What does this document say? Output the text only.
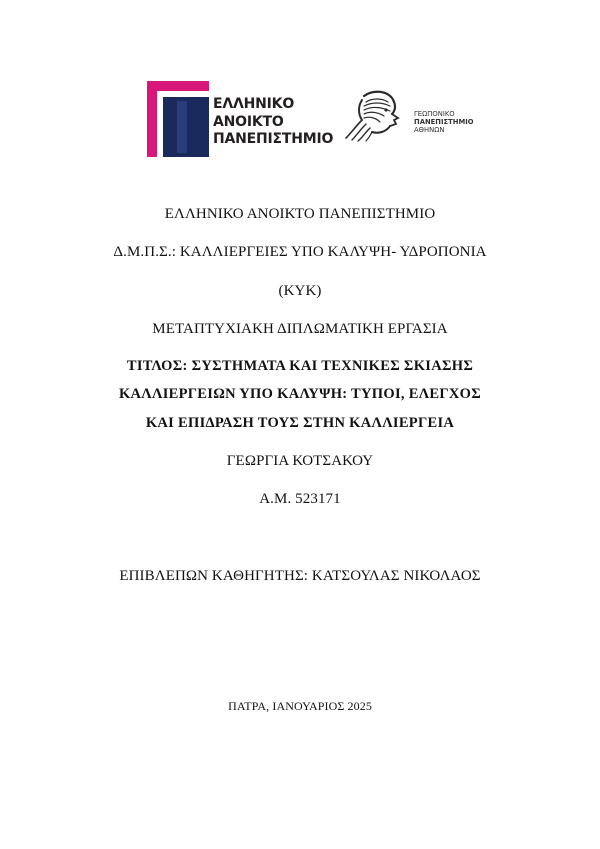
ΕΛΛΗΝΙΚΟ
ΑΝΟΙΚΤΟ
ΠΑΝΕΠΙΣΤΗΜΙΟ
ΓΕΩΠΟΝΙΚΟ
ΠΑΝΕΠΙΣΤΗΜΙΟ
ΑΘΗΝΩΝ
ΕΛΛΗΝΙΚΟ ΑΝΟΙΚΤΟ ΠΑΝΕΠΙΣΤΗΜΙΟ
Δ.Μ.Π.Σ.: ΚΑΛΛΙΕΡΓΕΙΕΣ ΥΠΟ ΚΑΛΥΨΗ- ΥΔΡΟΠΟΝΙΑ
(ΚΥΚ)
ΜΕΤΑΠΤΥΧΙΑΚΗ ΔΙΠΛΩΜΑΤΙΚΗ ΕΡΓΑΣΙΑ
ΤΙΤΛΟΣ: ΣΥΣΤΗΜΑΤΑ ΚΑΙ ΤΕΧΝΙΚΕΣ ΣΚΙΑΣΗΣ
ΚΑΛΛΙΕΡΓΕΙΩΝ ΥΠΟ ΚΑΛΥΨΗ: ΤΥΠΟΙ, ΕΛΕΓΧΟΣ
ΚΑΙ ΕΠΙΔΡΑΣΗ ΤΟΥΣ ΣΤΗΝ ΚΑΛΛΙΕΡΓΕΙΑ
ΓΕΩΡΓΙΑ ΚΟΤΣΑΚΟΥ
Α.Μ. 523171
ΕΠΙΒΛΕΠΩΝ ΚΑΘΗΓΗΤΗΣ: ΚΑΤΣΟΥΛΑΣ ΝΙΚΟΛΑΟΣ
ΠΑΤΡΑ, ΙΑΝΟΥΑΡΙΟΣ 2025
